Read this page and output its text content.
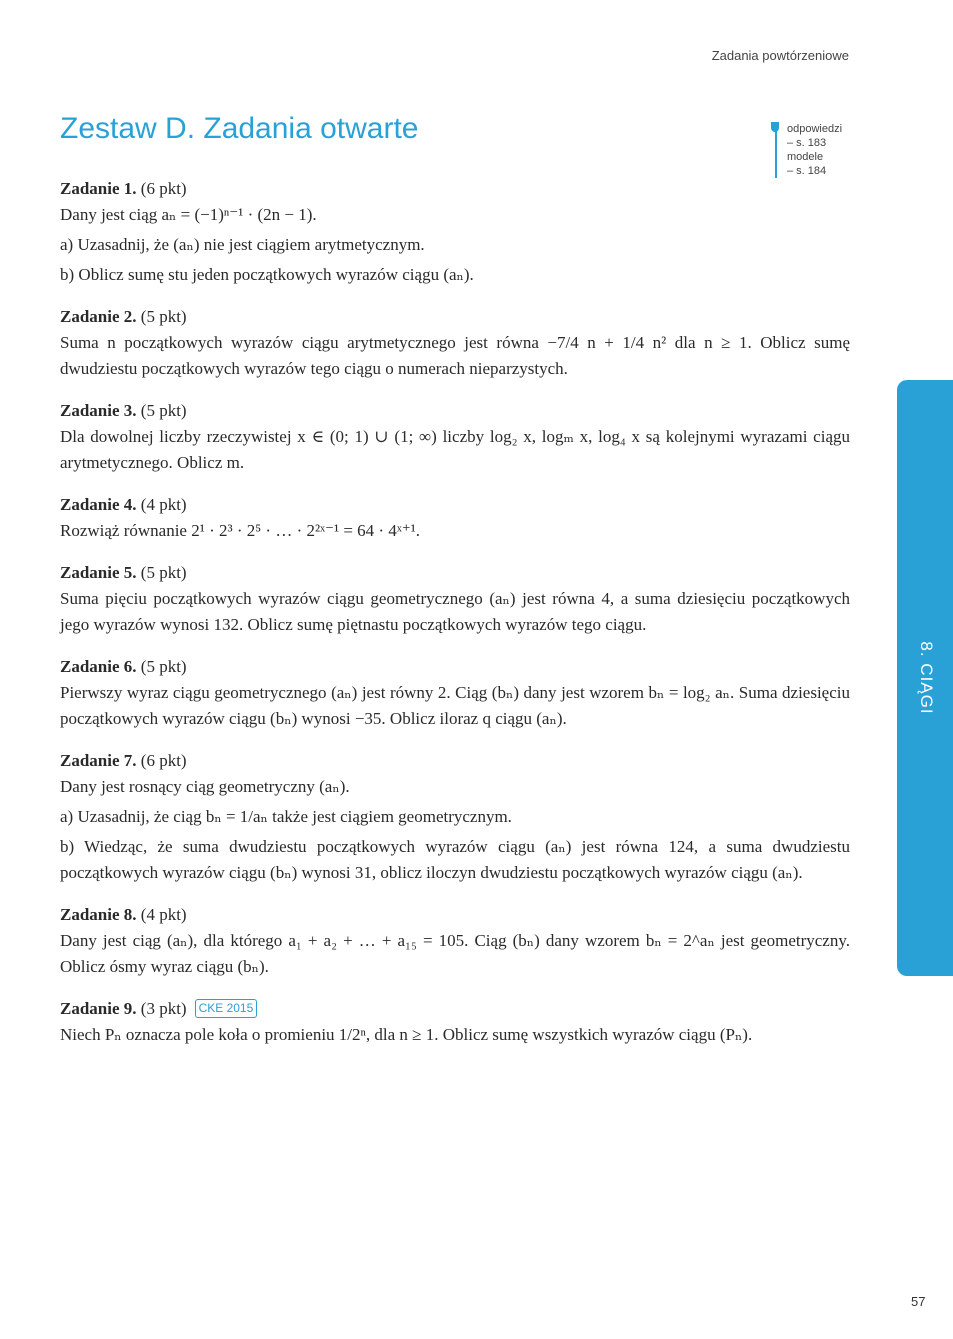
Zadania powtórzeniowe
Zestaw D. Zadania otwarte	odpowiedzi
– s. 183
modele
– s. 184
8. CIĄGI
Zadanie 1. (6 pkt)

Dany jest ciąg aₙ = (−1)ⁿ⁻¹ · (2n − 1).

a) Uzasadnij, że (aₙ) nie jest ciągiem arytmetycznym.

b) Oblicz sumę stu jeden początkowych wyrazów ciągu (aₙ).

Zadanie 2. (5 pkt)

Suma n początkowych wyrazów ciągu arytmetycznego jest równa −7/4 n + 1/4 n² dla n ≥ 1. Oblicz sumę dwudziestu początkowych wyrazów tego ciągu o numerach nieparzystych.

Zadanie 3. (5 pkt)

Dla dowolnej liczby rzeczywistej x ∈ (0; 1) ∪ (1; ∞) liczby log₂ x, logₘ x, log₄ x są kolejnymi wyrazami ciągu arytmetycznego. Oblicz m.

Zadanie 4. (4 pkt)

Rozwiąż równanie 2¹ · 2³ · 2⁵ · … · 2²ˣ⁻¹ = 64 · 4ˣ⁺¹.

Zadanie 5. (5 pkt)

Suma pięciu początkowych wyrazów ciągu geometrycznego (aₙ) jest równa 4, a suma dziesięciu początkowych jego wyrazów wynosi 132. Oblicz sumę piętnastu początkowych wyrazów tego ciągu.

Zadanie 6. (5 pkt)

Pierwszy wyraz ciągu geometrycznego (aₙ) jest równy 2. Ciąg (bₙ) dany jest wzorem bₙ = log₂ aₙ. Suma dziesięciu początkowych wyrazów ciągu (bₙ) wynosi −35. Oblicz iloraz q ciągu (aₙ).

Zadanie 7. (6 pkt)

Dany jest rosnący ciąg geometryczny (aₙ).

a) Uzasadnij, że ciąg bₙ = 1/aₙ także jest ciągiem geometrycznym.

b) Wiedząc, że suma dwudziestu początkowych wyrazów ciągu (aₙ) jest równa 124, a suma dwudziestu początkowych wyrazów ciągu (bₙ) wynosi 31, oblicz iloczyn dwudziestu początkowych wyrazów ciągu (aₙ).

Zadanie 8. (4 pkt)

Dany jest ciąg (aₙ), dla którego a₁ + a₂ + … + a₁₅ = 105. Ciąg (bₙ) dany wzorem bₙ = 2^aₙ jest geometryczny. Oblicz ósmy wyraz ciągu (bₙ).

Zadanie 9. (3 pkt) CKE 2015

Niech Pₙ oznacza pole koła o promieniu 1/2ⁿ, dla n ≥ 1. Oblicz sumę wszystkich wyrazów ciągu (Pₙ).

57
